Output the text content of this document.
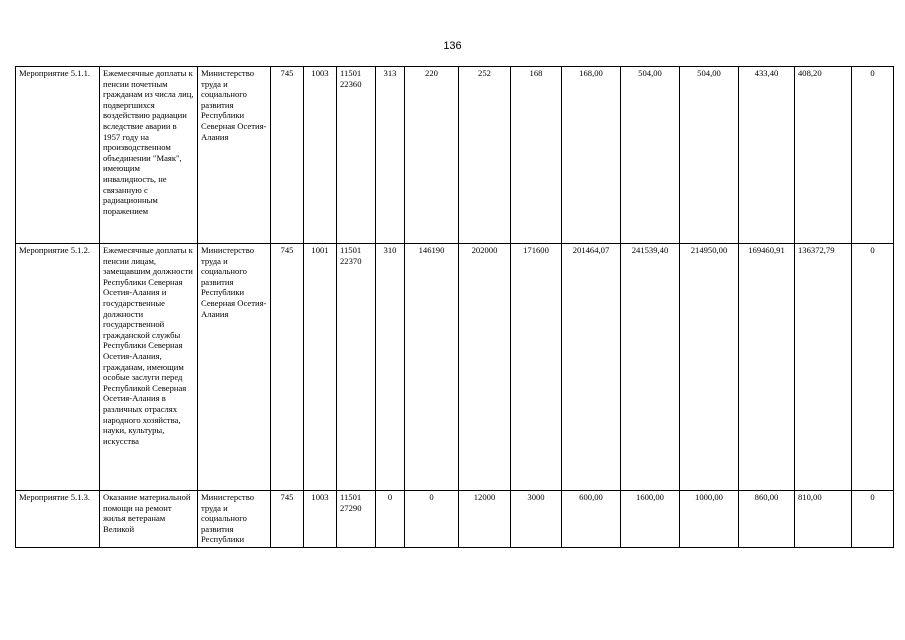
136
Мероприятие 5.1.1.	Ежемесячные доплаты к пенсии почетным гражданам из числа лиц, подвергшихся воздействию радиации вследствие аварии в 1957 году на производственном объединении "Маяк", имеющим инвалидность, не связанную с радиационным поражением	Министерство труда и социального развития Республики Северная Осетия-Алания	745	1003	11501 22360	313	220	252	168	168,00	504,00	504,00	433,40	408,20	0
Мероприятие 5.1.2.	Ежемесячные доплаты к пенсии лицам, замещавшим должности Республики Северная Осетия-Алания и государственные должности государственной гражданской службы Республики Северная Осетия-Алания, гражданам, имеющим особые заслуги перед Республикой Северная Осетия-Алания в различных отраслях народного хозяйства, науки, культуры, искусства	Министерство труда и социального развития Республики Северная Осетия-Алания	745	1001	11501 22370	310	146190	202000	171600	201464,07	241539,40	214950,00	169460,91	136372,79	0
Мероприятие 5.1.3.	Оказание материальной помощи на ремонт жилья ветеранам Великой	Министерство труда и социального развития Республики	745	1003	11501 27290	0	0	12000	3000	600,00	1600,00	1000,00	860,00	810,00	0
